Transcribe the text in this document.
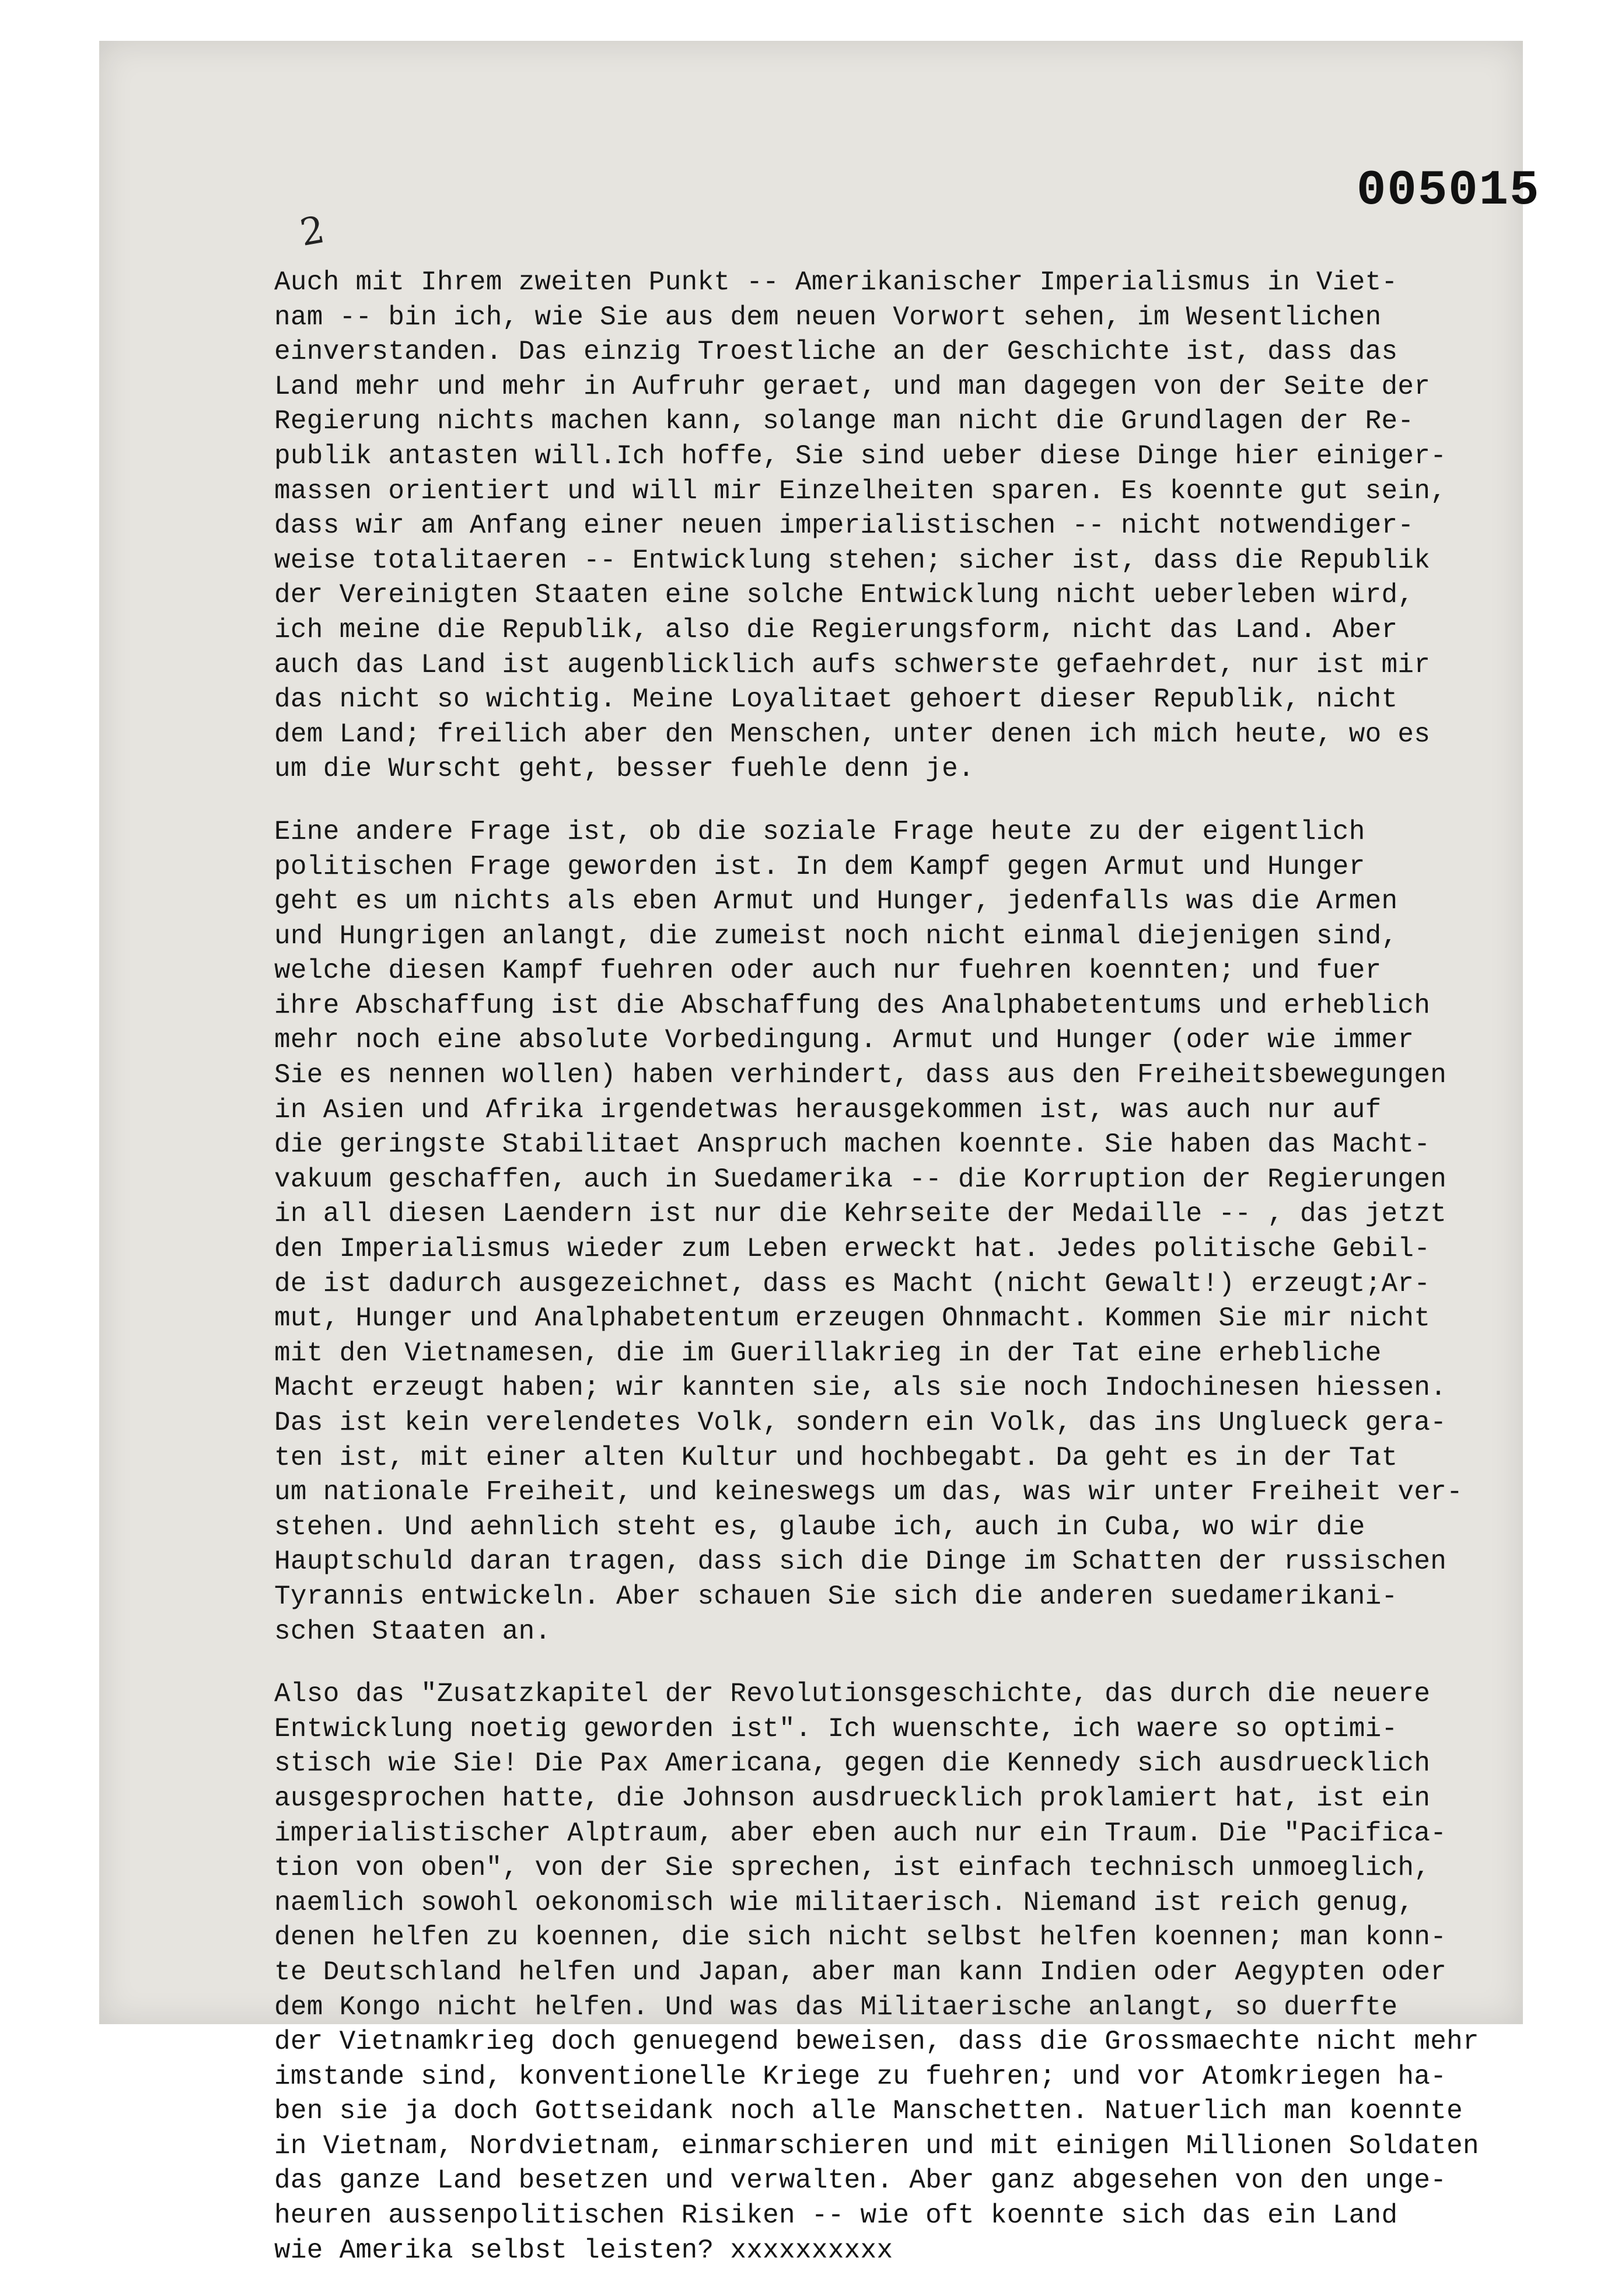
005015
2
Auch mit Ihrem zweiten Punkt -- Amerikanischer Imperialismus in Viet-
nam -- bin ich, wie Sie aus dem neuen Vorwort sehen, im Wesentlichen
einverstanden. Das einzig Troestliche an der Geschichte ist, dass das
Land mehr und mehr in Aufruhr geraet, und man dagegen von der Seite der
Regierung nichts machen kann, solange man nicht die Grundlagen der Re-
publik antasten will.Ich hoffe, Sie sind ueber diese Dinge hier einiger-
massen orientiert und will mir Einzelheiten sparen. Es koennte gut sein,
dass wir am Anfang einer neuen imperialistischen -- nicht notwendiger-
weise totalitaeren -- Entwicklung stehen; sicher ist, dass die Republik
der Vereinigten Staaten eine solche Entwicklung nicht ueberleben wird,
ich meine die Republik, also die Regierungsform, nicht das Land. Aber
auch das Land ist augenblicklich aufs schwerste gefaehrdet, nur ist mir
das nicht so wichtig. Meine Loyalitaet gehoert dieser Republik, nicht
dem Land; freilich aber den Menschen, unter denen ich mich heute, wo es
um die Wurscht geht, besser fuehle denn je.
Eine andere Frage ist, ob die soziale Frage heute zu der eigentlich
politischen Frage geworden ist. In dem Kampf gegen Armut und Hunger
geht es um nichts als eben Armut und Hunger, jedenfalls was die Armen
und Hungrigen anlangt, die zumeist noch nicht einmal diejenigen sind,
welche diesen Kampf fuehren oder auch nur fuehren koennten; und fuer
ihre Abschaffung ist die Abschaffung des Analphabetentums und erheblich
mehr noch eine absolute Vorbedingung. Armut und Hunger (oder wie immer
Sie es nennen wollen) haben verhindert, dass aus den Freiheitsbewegungen
in Asien und Afrika irgendetwas herausgekommen ist, was auch nur auf
die geringste Stabilitaet Anspruch machen koennte. Sie haben das Macht-
vakuum geschaffen, auch in Suedamerika -- die Korruption der Regierungen
in all diesen Laendern ist nur die Kehrseite der Medaille -- , das jetzt
den Imperialismus wieder zum Leben erweckt hat. Jedes politische Gebil-
de ist dadurch ausgezeichnet, dass es Macht (nicht Gewalt!) erzeugt;Ar-
mut, Hunger und Analphabetentum erzeugen Ohnmacht. Kommen Sie mir nicht
mit den Vietnamesen, die im Guerillakrieg in der Tat eine erhebliche
Macht erzeugt haben; wir kannten sie, als sie noch Indochinesen hiessen.
Das ist kein verelendetes Volk, sondern ein Volk, das ins Unglueck gera-
ten ist, mit einer alten Kultur und hochbegabt. Da geht es in der Tat
um nationale Freiheit, und keineswegs um das, was wir unter Freiheit ver-
stehen. Und aehnlich steht es, glaube ich, auch in Cuba, wo wir die
Hauptschuld daran tragen, dass sich die Dinge im Schatten der russischen
Tyrannis entwickeln. Aber schauen Sie sich die anderen suedamerikani-
schen Staaten an.
Also das "Zusatzkapitel der Revolutionsgeschichte, das durch die neuere
Entwicklung noetig geworden ist". Ich wuenschte, ich waere so optimi-
stisch wie Sie! Die Pax Americana, gegen die Kennedy sich ausdruecklich
ausgesprochen hatte, die Johnson ausdruecklich proklamiert hat, ist ein
imperialistischer Alptraum, aber eben auch nur ein Traum. Die "Pacifica-
tion von oben", von der Sie sprechen, ist einfach technisch unmoeglich,
naemlich sowohl oekonomisch wie militaerisch. Niemand ist reich genug,
denen helfen zu koennen, die sich nicht selbst helfen koennen; man konn-
te Deutschland helfen und Japan, aber man kann Indien oder Aegypten oder
dem Kongo nicht helfen. Und was das Militaerische anlangt, so duerfte
der Vietnamkrieg doch genuegend beweisen, dass die Grossmaechte nicht mehr
imstande sind, konventionelle Kriege zu fuehren; und vor Atomkriegen ha-
ben sie ja doch Gottseidank noch alle Manschetten. Natuerlich man koennte
in Vietnam, Nordvietnam, einmarschieren und mit einigen Millionen Soldaten
das ganze Land besetzen und verwalten. Aber ganz abgesehen von den unge-
heuren aussenpolitischen Risiken -- wie oft koennte sich das ein Land
wie Amerika selbst leisten? xxxxxxxxxx
